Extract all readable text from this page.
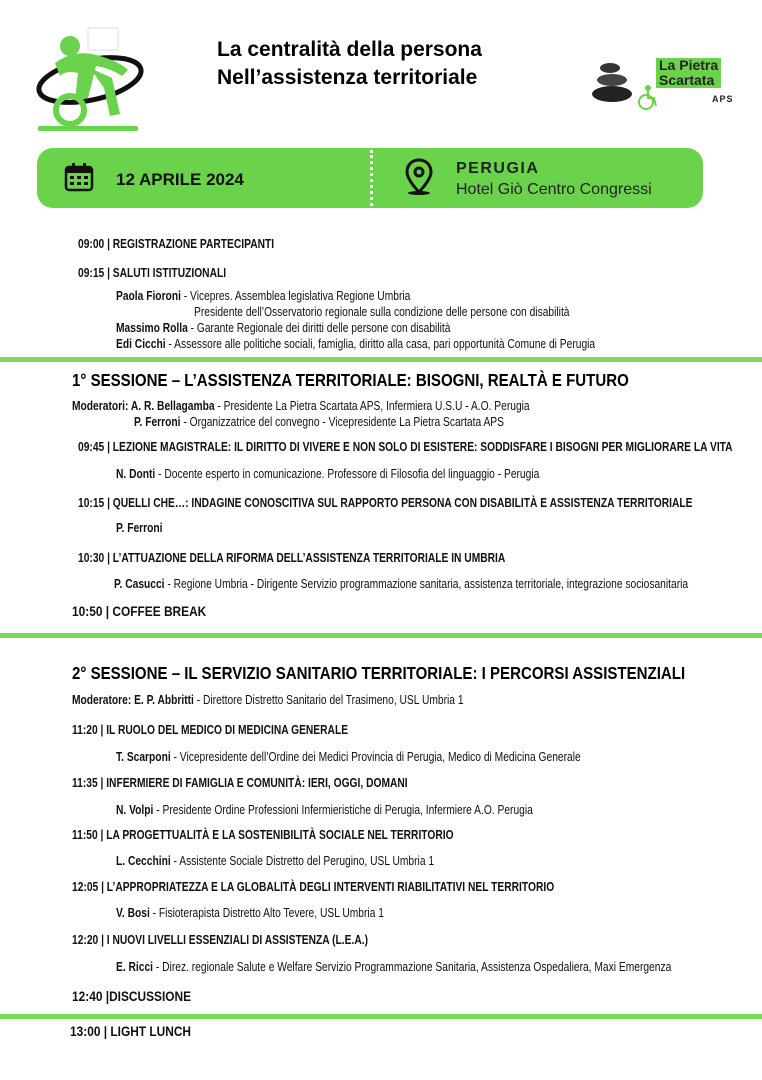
La centralità della persona
Nell’assistenza territoriale
La Pietra
Scartata
APS
12 APRILE 2024
PERUGIA
Hotel Giò Centro Congressi
09:00 | REGISTRAZIONE PARTECIPANTI
09:15 | SALUTI ISTITUZIONALI
Paola Fioroni - Vicepres. Assemblea legislativa Regione Umbria
Presidente dell’Osservatorio regionale sulla condizione delle persone con disabilità
Massimo Rolla - Garante Regionale dei diritti delle persone con disabilità
Edi Cicchi - Assessore alle politiche sociali, famiglia, diritto alla casa, pari opportunità Comune di Perugia
1° SESSIONE – L’ASSISTENZA TERRITORIALE: BISOGNI, REALTÀ E FUTURO
Moderatori: A. R. Bellagamba - Presidente La Pietra Scartata APS, Infermiera U.S.U - A.O. Perugia
P. Ferroni - Organizzatrice del convegno - Vicepresidente La Pietra Scartata APS
09:45 | LEZIONE MAGISTRALE: IL DIRITTO DI VIVERE E NON SOLO DI ESISTERE: SODDISFARE I BISOGNI PER MIGLIORARE LA VITA
N. Donti - Docente esperto in comunicazione. Professore di Filosofia del linguaggio - Perugia
10:15 | QUELLI CHE…: INDAGINE CONOSCITIVA SUL RAPPORTO PERSONA CON DISABILITÀ E ASSISTENZA TERRITORIALE
P. Ferroni
10:30 | L’ATTUAZIONE DELLA RIFORMA DELL’ASSISTENZA TERRITORIALE IN UMBRIA
P. Casucci - Regione Umbria - Dirigente Servizio programmazione sanitaria, assistenza territoriale, integrazione sociosanitaria
10:50 | COFFEE BREAK
2° SESSIONE – IL SERVIZIO SANITARIO TERRITORIALE: I PERCORSI ASSISTENZIALI
Moderatore: E. P. Abbritti - Direttore Distretto Sanitario del Trasimeno, USL Umbria 1
11:20 | IL RUOLO DEL MEDICO DI MEDICINA GENERALE
T. Scarponi - Vicepresidente dell’Ordine dei Medici Provincia di Perugia, Medico di Medicina Generale
11:35 | INFERMIERE DI FAMIGLIA E COMUNITÀ: IERI, OGGI, DOMANI
N. Volpi - Presidente Ordine Professioni Infermieristiche di Perugia, Infermiere A.O. Perugia
11:50 | LA PROGETTUALITÀ E LA SOSTENIBILITÀ SOCIALE NEL TERRITORIO
L. Cecchini - Assistente Sociale Distretto del Perugino, USL Umbria 1
12:05 | L’APPROPRIATEZZA E LA GLOBALITÀ DEGLI INTERVENTI RIABILITATIVI NEL TERRITORIO
V. Bosi - Fisioterapista Distretto Alto Tevere, USL Umbria 1
12:20 | I NUOVI LIVELLI ESSENZIALI DI ASSISTENZA (L.E.A.)
E. Ricci - Direz. regionale Salute e Welfare Servizio Programmazione Sanitaria, Assistenza Ospedaliera, Maxi Emergenza
12:40 |DISCUSSIONE
13:00 | LIGHT LUNCH
